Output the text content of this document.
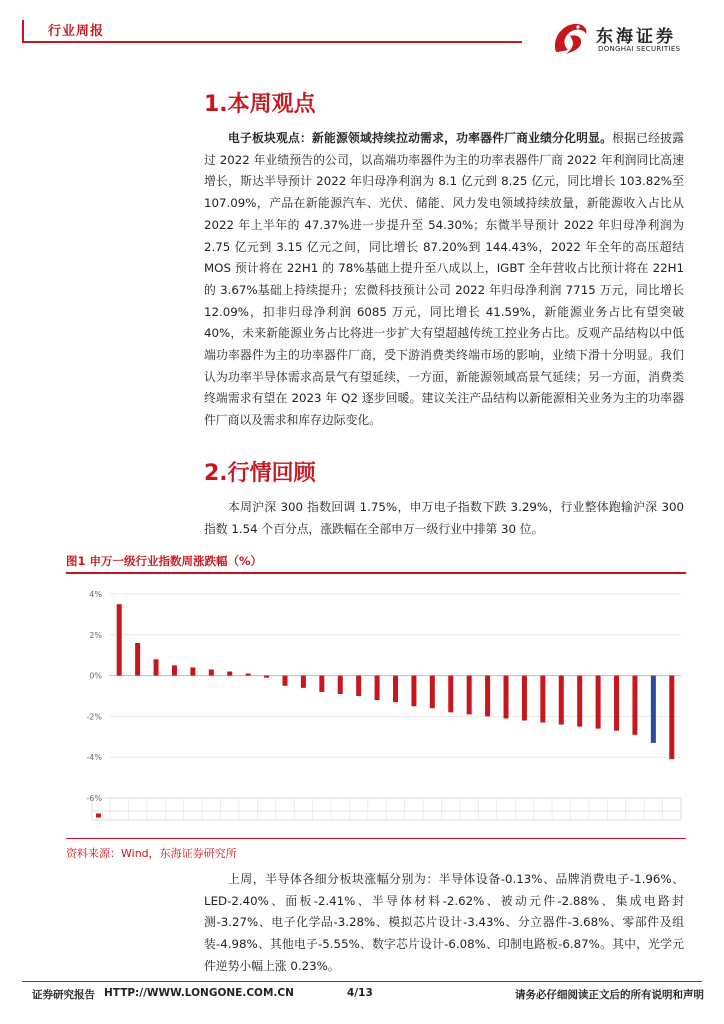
行业周报	东海证券
DONGHAI SECURITIES
1.本周观点
电子板块观点：新能源领域持续拉动需求，功率器件厂商业绩分化明显。根据已经披露过 2022 年业绩预告的公司，以高端功率器件为主的功率表器件厂商 2022 年利润同比高速增长，斯达半导预计 2022 年归母净利润为 8.1 亿元到 8.25 亿元，同比增长 103.82%至 107.09%，产品在新能源汽车、光伏、储能、风力发电领域持续放量，新能源收入占比从 2022 年上半年的 47.37%进一步提升至 54.30%；东微半导预计 2022 年归母净利润为 2.75 亿元到 3.15 亿元之间，同比增长 87.20%到 144.43%，2022 年全年的高压超结 MOS 预计将在 22H1 的 78%基础上提升至八成以上，IGBT 全年营收占比预计将在 22H1 的 3.67%基础上持续提升；宏微科技预计公司 2022 年归母净利润 7715 万元，同比增长 12.09%，扣非归母净利润 6085 万元，同比增长 41.59%，新能源业务占比有望突破 40%，未来新能源业务占比将进一步扩大有望超越传统工控业务占比。反观产品结构以中低端功率器件为主的功率器件厂商，受下游消费类终端市场的影响，业绩下滑十分明显。我们认为功率半导体需求高景气有望延续，一方面，新能源领域高景气延续；另一方面，消费类终端需求有望在 2023 年 Q2 逐步回暖。建议关注产品结构以新能源相关业务为主的功率器件厂商以及需求和库存边际变化。
2.行情回顾
本周沪深 300 指数回调 1.75%，申万电子指数下跌 3.29%，行业整体跑输沪深 300 指数 1.54 个百分点，涨跌幅在全部申万一级行业中排第 30 位。
图1 申万一级行业指数周涨跌幅（%）
4%
2%
0%
-2%
-4%
-6%
资料来源：Wind，东海证券研究所
上周，半导体各细分板块涨幅分别为：半导体设备-0.13%、品牌消费电子-1.96%、LED-2.40%、面板-2.41%、半导体材料-2.62%、被动元件-2.88%、集成电路封测-3.27%、电子化学品-3.28%、模拟芯片设计-3.43%、分立器件-3.68%、零部件及组装-4.98%、其他电子-5.55%、数字芯片设计-6.08%、印制电路板-6.87%。其中，光学元件逆势小幅上涨 0.23%。
证券研究报告 HTTP://WWW.LONGONE.COM.CN	4/13	请务必仔细阅读正文后的所有说明和声明
